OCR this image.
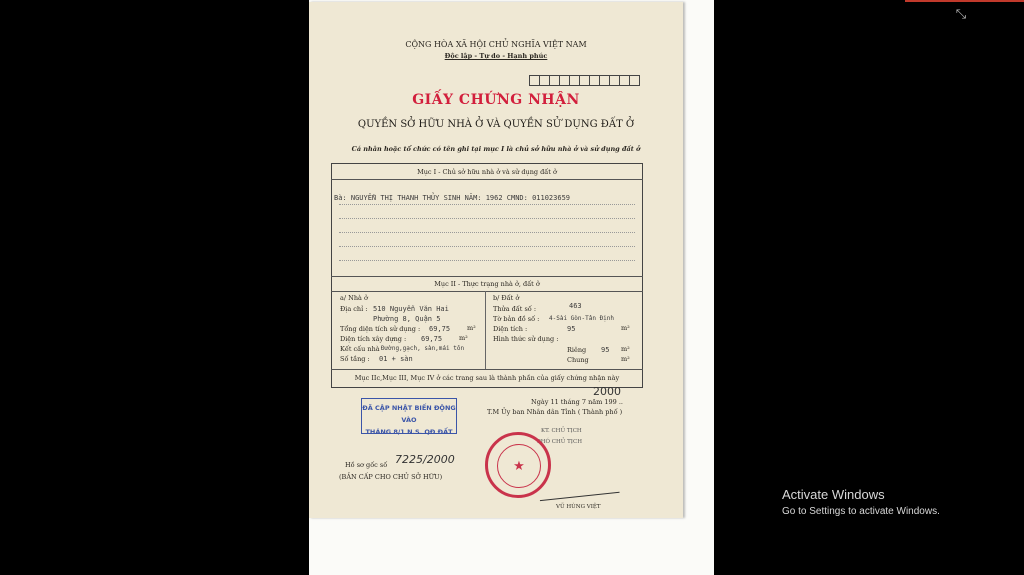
⤡
CỘNG HÒA XÃ HỘI CHỦ NGHĨA VIỆT NAM
Độc lập - Tự do - Hạnh phúc
GIẤY CHỨNG NHẬN
QUYỀN SỞ HỮU NHÀ Ở VÀ QUYỀN SỬ DỤNG ĐẤT Ở
Cá nhân hoặc tổ chức có tên ghi tại mục I là chủ sở hữu nhà ở và sử dụng đất ở
Mục I - Chủ sở hữu nhà ở và sử dụng đất ở
Bà: NGUYỄN THỊ THANH THỦY SINH NĂM: 1962 CMND: 011023659
Mục II - Thực trạng nhà ở, đất ở
a/ Nhà ở
Địa chỉ : 510 Nguyễn Văn Hai
Phường 8, Quận 5
Tổng diện tích sử dụng : 69,75	m²
Diện tích xây dựng : 69,75	m²
Kết cấu nhà Đường,gạch, sàn,mái tôn
Số tầng : 01 + sàn
b/ Đất ở
Thửa đất số :	463
Tờ bản đồ số : 4-Sài Gòn-Tân Định
Diện tích :	95	m²
Hình thức sử dụng :
Riêng 95 m²
Chung	m²
Mục IIc,Mục III, Mục IV ở các trang sau là thành phần của giấy chứng nhận này
2000
Ngày 11 tháng 7 năm 199 ..
T.M Ủy ban Nhân dân Tỉnh ( Thành phố )
KT. CHỦ TỊCH
PHÓ CHỦ TỊCH
ĐÃ CẬP NHẬT BIẾN ĐỘNG VÀO
THÁNG 8/1 N.S. QĐ ĐẤT
★
Hồ sơ gốc số 7225/2000
(BẢN CẤP CHO CHỦ SỞ HỮU)
VŨ HÙNG VIỆT
Activate Windows
Go to Settings to activate Windows.
